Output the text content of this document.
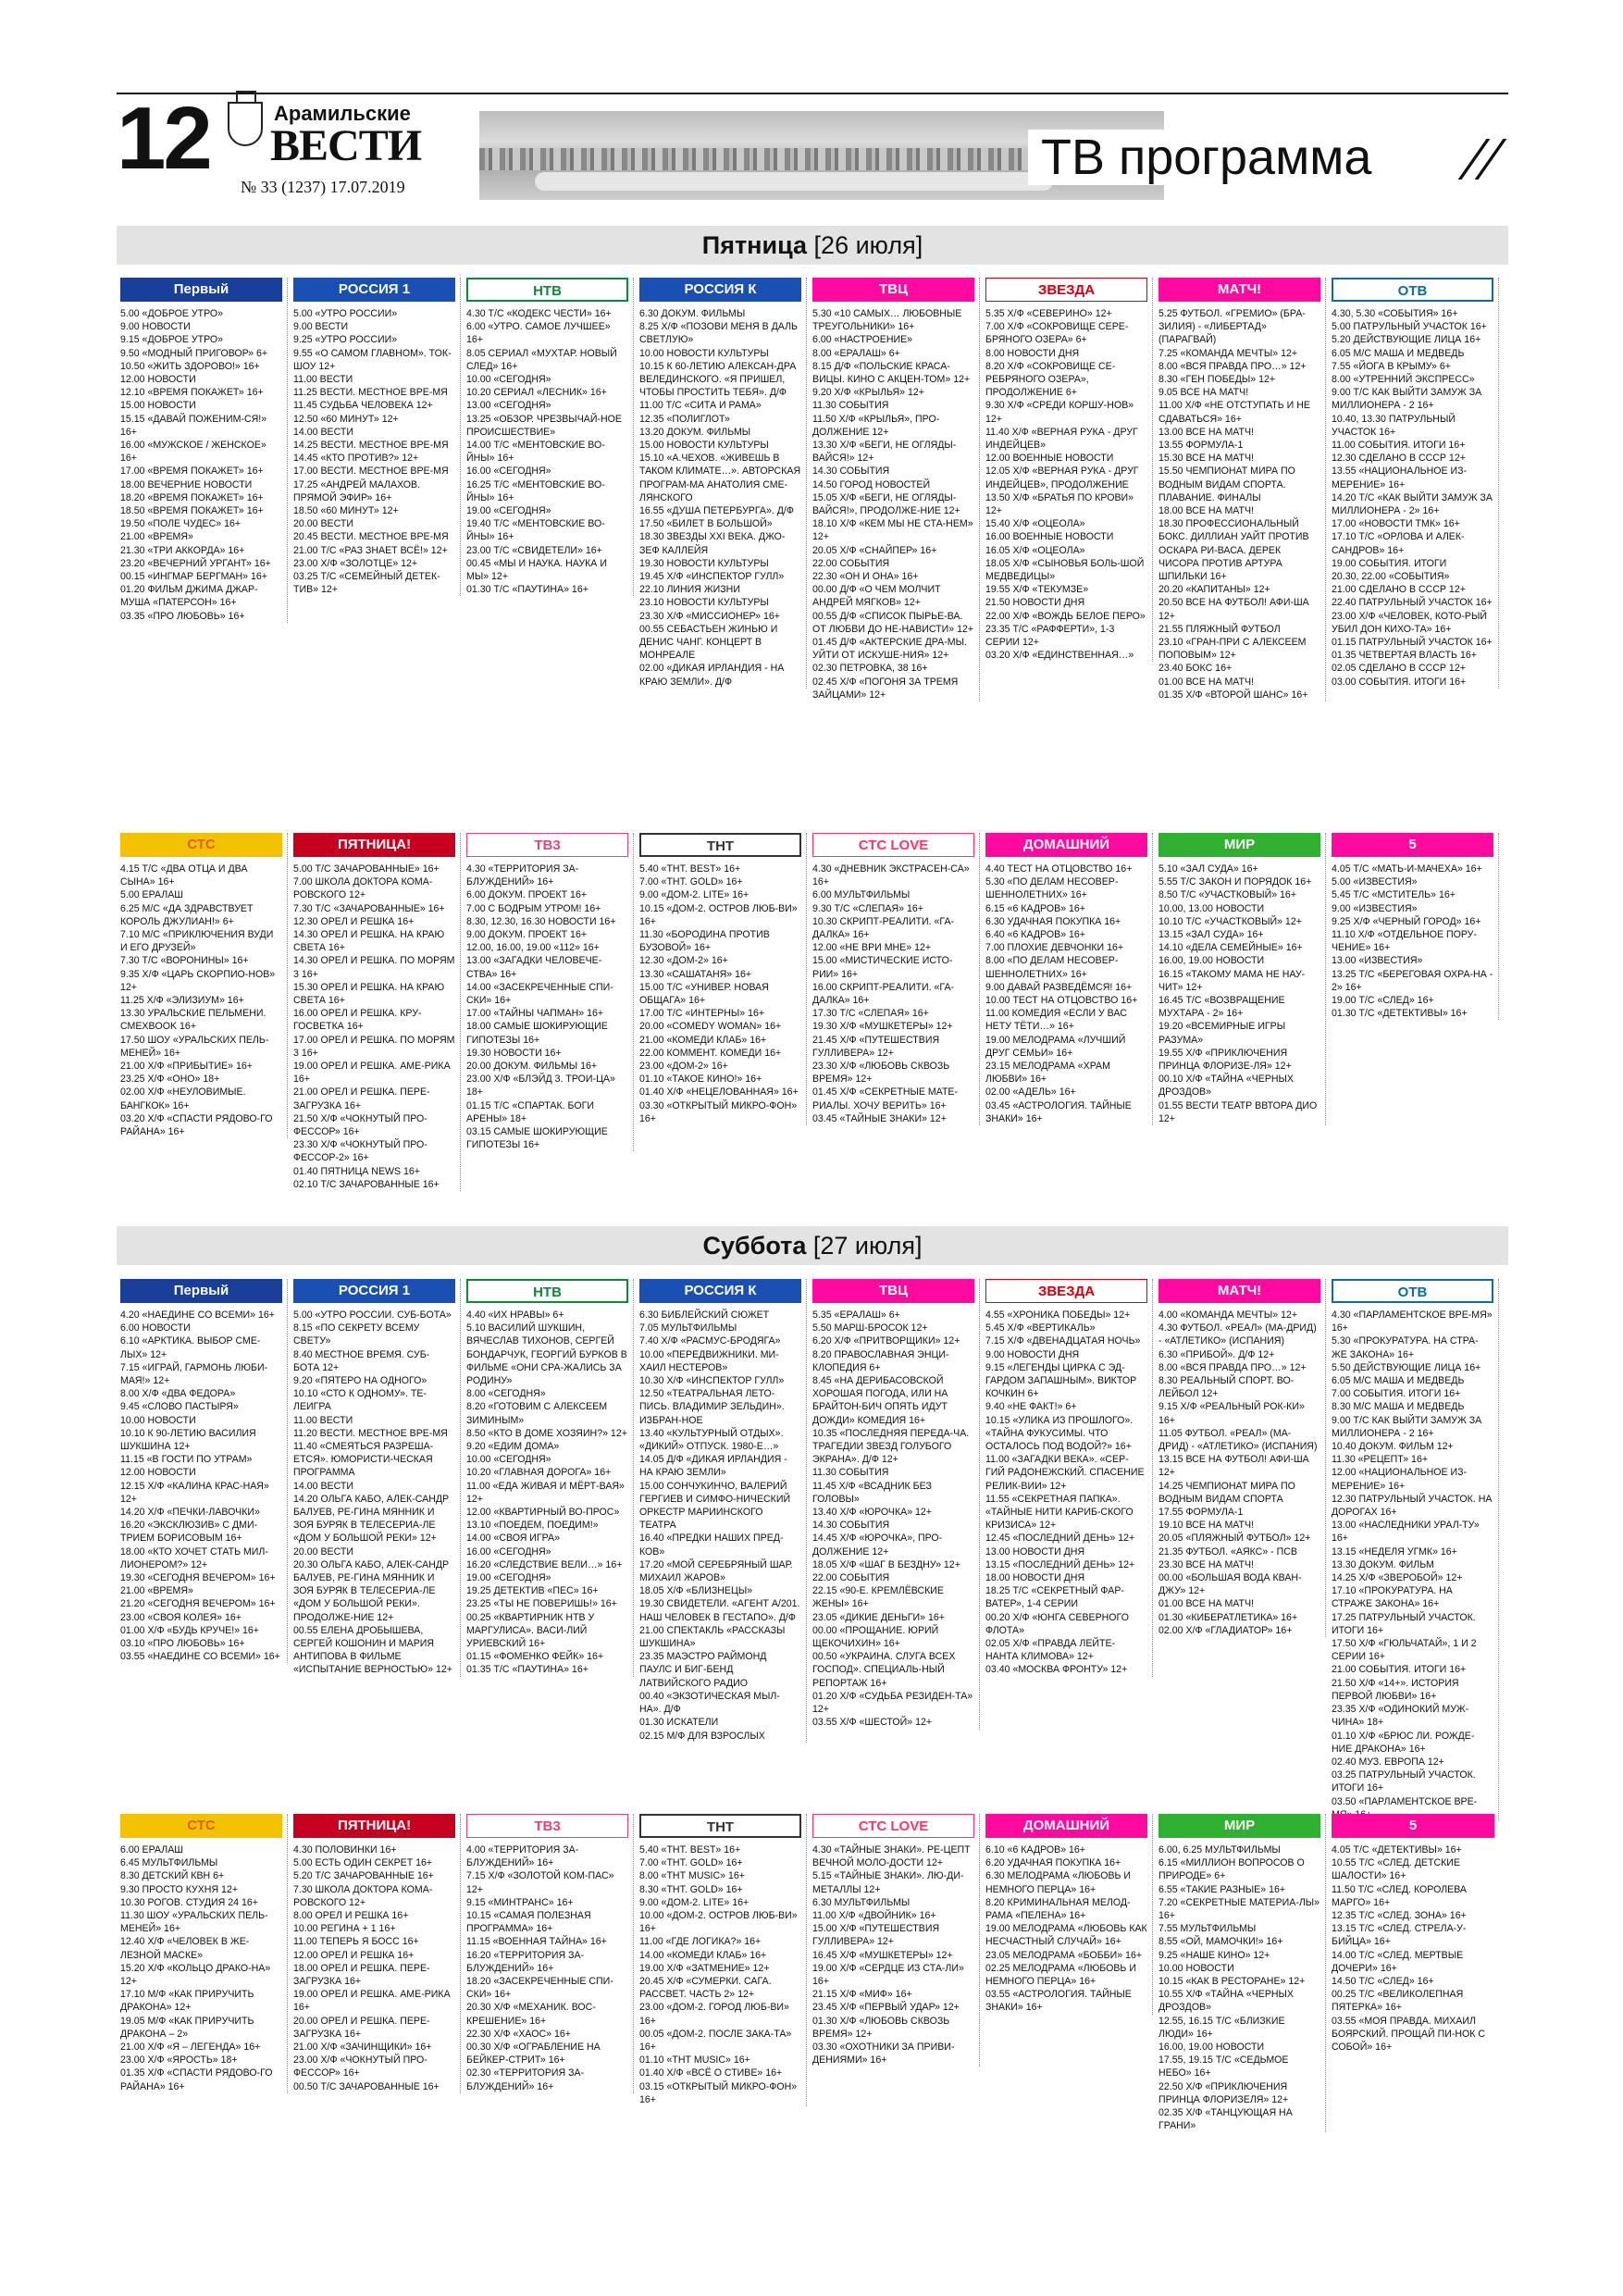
12	Арамильские
ВЕСТИ
№ 33 (1237) 17.07.2019
ТВ программа
Пятница [26 июля]
Первый
5.00 «ДОБРОЕ УТРО»
9.00 НОВОСТИ
9.15 «ДОБРОЕ УТРО»
9.50 «МОДНЫЙ ПРИГОВОР» 6+
10.50 «ЖИТЬ ЗДОРОВО!» 16+
12.00 НОВОСТИ
12.10 «ВРЕМЯ ПОКАЖЕТ» 16+
15.00 НОВОСТИ
15.15 «ДАВАЙ ПОЖЕНИМ-СЯ!» 16+
16.00 «МУЖСКОЕ / ЖЕНСКОЕ» 16+
17.00 «ВРЕМЯ ПОКАЖЕТ» 16+
18.00 ВЕЧЕРНИЕ НОВОСТИ
18.20 «ВРЕМЯ ПОКАЖЕТ» 16+
18.50 «ВРЕМЯ ПОКАЖЕТ» 16+
19.50 «ПОЛЕ ЧУДЕС» 16+
21.00 «ВРЕМЯ»
21.30 «ТРИ АККОРДА» 16+
23.20 «ВЕЧЕРНИЙ УРГАНТ» 16+
00.15 «ИНГМАР БЕРГМАН» 16+
01.20 ФИЛЬМ ДЖИМА ДЖАР-МУША «ПАТЕРСОН» 16+
03.35 «ПРО ЛЮБОВЬ» 16+
СТС
4.15 Т/С «ДВА ОТЦА И ДВА СЫНА» 16+
5.00 ЕРАЛАШ
6.25 М/С «ДА ЗДРАВСТВУЕТ КОРОЛЬ ДЖУЛИАН!» 6+
7.10 М/С «ПРИКЛЮЧЕНИЯ ВУДИ И ЕГО ДРУЗЕЙ»
7.30 Т/С «ВОРОНИНЫ» 16+
9.35 Х/Ф «ЦАРЬ СКОРПИО-НОВ» 12+
11.25 Х/Ф «ЭЛИЗИУМ» 16+
13.30 УРАЛЬСКИЕ ПЕЛЬМЕНИ. СМЕХBOOK 16+
17.50 ШОУ «УРАЛЬСКИХ ПЕЛЬ-МЕНЕЙ» 16+
21.00 Х/Ф «ПРИБЫТИЕ» 16+
23.25 Х/Ф «ОНО» 18+
02.00 Х/Ф «НЕУЛОВИМЫЕ. БАНГКОК» 16+
03.20 Х/Ф «СПАСТИ РЯДОВО-ГО РАЙАНА» 16+
РОССИЯ 1
5.00 «УТРО РОССИИ»
9.00 ВЕСТИ
9.25 «УТРО РОССИИ»
9.55 «О САМОМ ГЛАВНОМ». ТОК-ШОУ 12+
11.00 ВЕСТИ
11.25 ВЕСТИ. МЕСТНОЕ ВРЕ-МЯ
11.45 СУДЬБА ЧЕЛОВЕКА 12+
12.50 «60 МИНУТ» 12+
14.00 ВЕСТИ
14.25 ВЕСТИ. МЕСТНОЕ ВРЕ-МЯ
14.45 «КТО ПРОТИВ?» 12+
17.00 ВЕСТИ. МЕСТНОЕ ВРЕ-МЯ
17.25 «АНДРЕЙ МАЛАХОВ. ПРЯМОЙ ЭФИР» 16+
18.50 «60 МИНУТ» 12+
20.00 ВЕСТИ
20.45 ВЕСТИ. МЕСТНОЕ ВРЕ-МЯ
21.00 Т/С «РАЗ ЗНАЕТ ВСЁ!» 12+
23.00 Х/Ф «ЗОЛОТЦЕ» 12+
03.25 Т/С «СЕМЕЙНЫЙ ДЕТЕК-ТИВ» 12+
ПЯТНИЦА!
5.00 Т/С ЗАЧАРОВАННЫЕ» 16+
7.00 ШКОЛА ДОКТОРА КОМА-РОВСКОГО 12+
7.30 Т/С «ЗАЧАРОВАННЫЕ» 16+
12.30 ОРЕЛ И РЕШКА 16+
14.30 ОРЕЛ И РЕШКА. НА КРАЮ СВЕТА 16+
14.30 ОРЕЛ И РЕШКА. ПО МОРЯМ 3 16+
15.30 ОРЕЛ И РЕШКА. НА КРАЮ СВЕТА 16+
16.00 ОРЕЛ И РЕШКА. КРУ-ГОСВЕТКА 16+
17.00 ОРЕЛ И РЕШКА. ПО МОРЯМ 3 16+
19.00 ОРЕЛ И РЕШКА. АМЕ-РИКА 16+
21.00 ОРЕЛ И РЕШКА. ПЕРЕ-ЗАГРУЗКА 16+
21.50 Х/Ф «ЧОКНУТЫЙ ПРО-ФЕССОР» 16+
23.30 Х/Ф «ЧОКНУТЫЙ ПРО-ФЕССОР-2» 16+
01.40 ПЯТНИЦА NEWS 16+
02.10 Т/С ЗАЧАРОВАННЫЕ 16+
НТВ
4.30 Т/С «КОДЕКС ЧЕСТИ» 16+
6.00 «УТРО. САМОЕ ЛУЧШЕЕ» 16+
8.05 СЕРИАЛ «МУХТАР. НОВЫЙ СЛЕД» 16+
10.00 «СЕГОДНЯ»
10.20 СЕРИАЛ «ЛЕСНИК» 16+
13.00 «СЕГОДНЯ»
13.25 «ОБЗОР. ЧРЕЗВЫЧАЙ-НОЕ ПРОИСШЕСТВИЕ»
14.00 Т/С «МЕНТОВСКИЕ ВО-ЙНЫ» 16+
16.00 «СЕГОДНЯ»
16.25 Т/С «МЕНТОВСКИЕ ВО-ЙНЫ» 16+
19.00 «СЕГОДНЯ»
19.40 Т/С «МЕНТОВСКИЕ ВО-ЙНЫ» 16+
23.00 Т/С «СВИДЕТЕЛИ» 16+
00.45 «МЫ И НАУКА. НАУКА И МЫ» 12+
01.30 Т/С «ПАУТИНА» 16+
ТВ3
4.30 «ТЕРРИТОРИЯ ЗА-БЛУЖДЕНИЙ» 16+
6.00 ДОКУМ. ПРОЕКТ 16+
7.00 С БОДРЫМ УТРОМ! 16+
8.30, 12.30, 16.30 НОВОСТИ 16+
9.00 ДОКУМ. ПРОЕКТ 16+
12.00, 16.00, 19.00 «112» 16+
13.00 «ЗАГАДКИ ЧЕЛОВЕЧЕ-СТВА» 16+
14.00 «ЗАСЕКРЕЧЕННЫЕ СПИ-СКИ» 16+
17.00 «ТАЙНЫ ЧАПМАН» 16+
18.00 САМЫЕ ШОКИРУЮЩИЕ ГИПОТЕЗЫ 16+
19.30 НОВОСТИ 16+
20.00 ДОКУМ. ФИЛЬМЫ 16+
23.00 Х/Ф «БЛЭЙД 3. ТРОИ-ЦА» 18+
01.15 Т/С «СПАРТАК. БОГИ АРЕНЫ» 18+
03.15 САМЫЕ ШОКИРУЮЩИЕ ГИПОТЕЗЫ 16+
РОССИЯ К
6.30 ДОКУМ. ФИЛЬМЫ
8.25 Х/Ф «ПОЗОВИ МЕНЯ В ДАЛЬ СВЕТЛУЮ»
10.00 НОВОСТИ КУЛЬТУРЫ
10.15 К 60-ЛЕТИЮ АЛЕКСАН-ДРА ВЕЛЕДИНСКОГО. «Я ПРИШЕЛ, ЧТОБЫ ПРОСТИТЬ ТЕБЯ». Д/Ф
11.00 Т/С «СИТА И РАМА»
12.35 «ПОЛИГЛОТ»
13.20 ДОКУМ. ФИЛЬМЫ
15.00 НОВОСТИ КУЛЬТУРЫ
15.10 «А.ЧЕХОВ. «ЖИВЕШЬ В ТАКОМ КЛИМАТЕ…». АВТОРСКАЯ ПРОГРАМ-МА АНАТОЛИЯ СМЕ-ЛЯНСКОГО
16.55 «ДУША ПЕТЕРБУРГА». Д/Ф
17.50 «БИЛЕТ В БОЛЬШОЙ»
18.30 ЗВЕЗДЫ XXI ВЕКА. ДЖО-ЗЕФ КАЛЛЕЙЯ
19.30 НОВОСТИ КУЛЬТУРЫ
19.45 Х/Ф «ИНСПЕКТОР ГУЛЛ»
22.10 ЛИНИЯ ЖИЗНИ
23.10 НОВОСТИ КУЛЬТУРЫ
23.30 Х/Ф «МИССИОНЕР» 16+
00.55 СЕБАСТЬЕН ЖИНЬЮ И ДЕНИС ЧАНГ. КОНЦЕРТ В МОНРЕАЛЕ
02.00 «ДИКАЯ ИРЛАНДИЯ - НА КРАЮ ЗЕМЛИ». Д/Ф
ТНТ
5.40 «ТНТ. BEST» 16+
7.00 «ТНТ. GOLD» 16+
9.00 «ДОМ-2. LITE» 16+
10.15 «ДОМ-2. ОСТРОВ ЛЮБ-ВИ» 16+
11.30 «БОРОДИНА ПРОТИВ БУЗОВОЙ» 16+
12.30 «ДОМ-2» 16+
13.30 «САШАТАНЯ» 16+
15.00 Т/С «УНИВЕР. НОВАЯ ОБЩАГА» 16+
17.00 Т/С «ИНТЕРНЫ» 16+
20.00 «COMEDY WOMAN» 16+
21.00 «КОМЕДИ КЛАБ» 16+
22.00 КОММЕНТ. КОМЕДИ 16+
23.00 «ДОМ-2» 16+
01.10 «ТАКОЕ КИНО!» 16+
01.40 Х/Ф «НЕЦЕЛОВАННАЯ» 16+
03.30 «ОТКРЫТЫЙ МИКРО-ФОН» 16+
ТВЦ
5.30 «10 САМЫХ… ЛЮБОВНЫЕ ТРЕУГОЛЬНИКИ» 16+
6.00 «НАСТРОЕНИЕ»
8.00 «ЕРАЛАШ» 6+
8.15 Д/Ф «ПОЛЬСКИЕ КРАСА-ВИЦЫ. КИНО С АКЦЕН-ТОМ» 12+
9.20 Х/Ф «КРЫЛЬЯ» 12+
11.30 СОБЫТИЯ
11.50 Х/Ф «КРЫЛЬЯ», ПРО-ДОЛЖЕНИЕ 12+
13.30 Х/Ф «БЕГИ, НЕ ОГЛЯДЫ-ВАЙСЯ!» 12+
14.30 СОБЫТИЯ
14.50 ГОРОД НОВОСТЕЙ
15.05 Х/Ф «БЕГИ, НЕ ОГЛЯДЫ-ВАЙСЯ!», ПРОДОЛЖЕ-НИЕ 12+
18.10 Х/Ф «КЕМ МЫ НЕ СТА-НЕМ» 12+
20.05 Х/Ф «СНАЙПЕР» 16+
22.00 СОБЫТИЯ
22.30 «ОН И ОНА» 16+
00.00 Д/Ф «О ЧЕМ МОЛЧИТ АНДРЕЙ МЯГКОВ» 12+
00.55 Д/Ф «СПИСОК ПЫРЬЕ-ВА. ОТ ЛЮБВИ ДО НЕ-НАВИСТИ» 12+
01.45 Д/Ф «АКТЕРСКИЕ ДРА-МЫ. УЙТИ ОТ ИСКУШЕ-НИЯ» 12+
02.30 ПЕТРОВКА, 38 16+
02.45 Х/Ф «ПОГОНЯ ЗА ТРЕМЯ ЗАЙЦАМИ» 12+
СТС LOVE
4.30 «ДНЕВНИК ЭКСТРАСЕН-СА» 16+
6.00 МУЛЬТФИЛЬМЫ
9.30 Т/С «СЛЕПАЯ» 16+
10.30 СКРИПТ-РЕАЛИТИ. «ГА-ДАЛКА» 16+
12.00 «НЕ ВРИ МНЕ» 12+
15.00 «МИСТИЧЕСКИЕ ИСТО-РИИ» 16+
16.00 СКРИПТ-РЕАЛИТИ. «ГА-ДАЛКА» 16+
17.30 Т/С «СЛЕПАЯ» 16+
19.30 Х/Ф «МУШКЕТЕРЫ» 12+
21.45 Х/Ф «ПУТЕШЕСТВИЯ ГУЛЛИВЕРА» 12+
23.30 Х/Ф «ЛЮБОВЬ СКВОЗЬ ВРЕМЯ» 12+
01.45 Х/Ф «СЕКРЕТНЫЕ МАТЕ-РИАЛЫ. ХОЧУ ВЕРИТЬ» 16+
03.45 «ТАЙНЫЕ ЗНАКИ» 12+
ЗВЕЗДА
5.35 Х/Ф «СЕВЕРИНО» 12+
7.00 Х/Ф «СОКРОВИЩЕ СЕРЕ-БРЯНОГО ОЗЕРА» 6+
8.00 НОВОСТИ ДНЯ
8.20 Х/Ф «СОКРОВИЩЕ СЕ-РЕБРЯНОГО ОЗЕРА», ПРОДОЛЖЕНИЕ 6+
9.30 Х/Ф «СРЕДИ КОРШУ-НОВ» 12+
11.40 Х/Ф «ВЕРНАЯ РУКА - ДРУГ ИНДЕЙЦЕВ»
12.00 ВОЕННЫЕ НОВОСТИ
12.05 Х/Ф «ВЕРНАЯ РУКА - ДРУГ ИНДЕЙЦЕВ», ПРОДОЛЖЕНИЕ
13.50 Х/Ф «БРАТЬЯ ПО КРОВИ» 12+
15.40 Х/Ф «ОЦЕОЛА»
16.00 ВОЕННЫЕ НОВОСТИ
16.05 Х/Ф «ОЦЕОЛА»
18.05 Х/Ф «СЫНОВЬЯ БОЛЬ-ШОЙ МЕДВЕДИЦЫ»
19.55 Х/Ф «ТЕКУМЗЕ»
21.50 НОВОСТИ ДНЯ
22.00 Х/Ф «ВОЖДЬ БЕЛОЕ ПЕРО»
23.35 Т/С «РАФФЕРТИ», 1-3 СЕРИИ 12+
03.20 Х/Ф «ЕДИНСТВЕННАЯ…»
ДОМАШНИЙ
4.40 ТЕСТ НА ОТЦОВСТВО 16+
5.30 «ПО ДЕЛАМ НЕСОВЕР-ШЕННОЛЕТНИХ» 16+
6.15 «6 КАДРОВ» 16+
6.30 УДАЧНАЯ ПОКУПКА 16+
6.40 «6 КАДРОВ» 16+
7.00 ПЛОХИЕ ДЕВЧОНКИ 16+
8.00 «ПО ДЕЛАМ НЕСОВЕР-ШЕННОЛЕТНИХ» 16+
9.00 ДАВАЙ РАЗВЕДЁМСЯ! 16+
10.00 ТЕСТ НА ОТЦОВСТВО 16+
11.00 КОМЕДИЯ «ЕСЛИ У ВАС НЕТУ ТЁТИ…» 16+
19.00 МЕЛОДРАМА «ЛУЧШИЙ ДРУГ СЕМЬИ» 16+
23.15 МЕЛОДРАМА «ХРАМ ЛЮБВИ» 16+
02.00 «АДЕЛЬ» 16+
03.45 «АСТРОЛОГИЯ. ТАЙНЫЕ ЗНАКИ» 16+
МАТЧ!
5.25 ФУТБОЛ. «ГРЕМИО» (БРА-ЗИЛИЯ) - «ЛИБЕРТАД» (ПАРАГВАЙ)
7.25 «КОМАНДА МЕЧТЫ» 12+
8.00 «ВСЯ ПРАВДА ПРО…» 12+
8.30 «ГЕН ПОБЕДЫ» 12+
9.05 ВСЕ НА МАТЧ!
11.00 Х/Ф «НЕ ОТСТУПАТЬ И НЕ СДАВАТЬСЯ» 16+
13.00 ВСЕ НА МАТЧ!
13.55 ФОРМУЛА-1
15.30 ВСЕ НА МАТЧ!
15.50 ЧЕМПИОНАТ МИРА ПО ВОДНЫМ ВИДАМ СПОРТА. ПЛАВАНИЕ. ФИНАЛЫ
18.00 ВСЕ НА МАТЧ!
18.30 ПРОФЕССИОНАЛЬНЫЙ БОКС. ДИЛЛИАН УАЙТ ПРОТИВ ОСКАРА РИ-ВАСА. ДЕРЕК ЧИСОРА ПРОТИВ АРТУРА ШПИЛЬКИ 16+
20.20 «КАПИТАНЫ» 12+
20.50 ВСЕ НА ФУТБОЛ! АФИ-ША 12+
21.55 ПЛЯЖНЫЙ ФУТБОЛ
23.10 «ГРАН-ПРИ С АЛЕКСЕЕМ ПОПОВЫМ» 12+
23.40 БОКС 16+
01.00 ВСЕ НА МАТЧ!
01.35 Х/Ф «ВТОРОЙ ШАНС» 16+
МИР
5.10 «ЗАЛ СУДА» 16+
5.55 Т/С ЗАКОН И ПОРЯДОК 16+
8.50 Т/С «УЧАСТКОВЫЙ» 16+
10.00, 13.00 НОВОСТИ
10.10 Т/С «УЧАСТКОВЫЙ» 12+
13.15 «ЗАЛ СУДА» 16+
14.10 «ДЕЛА СЕМЕЙНЫЕ» 16+
16.00, 19.00 НОВОСТИ
16.15 «ТАКОМУ МАМА НЕ НАУ-ЧИТ» 12+
16.45 Т/С «ВОЗВРАЩЕНИЕ МУХТАРА - 2» 16+
19.20 «ВСЕМИРНЫЕ ИГРЫ РАЗУМА»
19.55 Х/Ф «ПРИКЛЮЧЕНИЯ ПРИНЦА ФЛОРИЗЕ-ЛЯ» 12+
00.10 Х/Ф «ТАЙНА «ЧЕРНЫХ ДРОЗДОВ»
01.55 ВЕСТИ ТЕАТР ВВТОРА ДИО 12+
ОТВ
4.30, 5.30 «СОБЫТИЯ» 16+
5.00 ПАТРУЛЬНЫЙ УЧАСТОК 16+
5.20 ДЕЙСТВУЮЩИЕ ЛИЦА 16+
6.05 М/С МАША И МЕДВЕДЬ
7.55 «ЙОГА В КРЫМУ» 6+
8.00 «УТРЕННИЙ ЭКСПРЕСС»
9.00 Т/С КАК ВЫЙТИ ЗАМУЖ ЗА МИЛЛИОНЕРА - 2 16+
10.40, 13.30 ПАТРУЛЬНЫЙ УЧАСТОК 16+
11.00 СОБЫТИЯ. ИТОГИ 16+
12.30 СДЕЛАНО В СССР 12+
13.55 «НАЦИОНАЛЬНОЕ ИЗ-МЕРЕНИЕ» 16+
14.20 Т/С «КАК ВЫЙТИ ЗАМУЖ ЗА МИЛЛИОНЕРА - 2» 16+
17.00 «НОВОСТИ ТМК» 16+
17.10 Т/С «ОРЛОВА И АЛЕК-САНДРОВ» 16+
19.00 СОБЫТИЯ. ИТОГИ
20.30, 22.00 «СОБЫТИЯ»
21.00 СДЕЛАНО В СССР 12+
22.40 ПАТРУЛЬНЫЙ УЧАСТОК 16+
23.00 Х/Ф «ЧЕЛОВЕК, КОТО-РЫЙ УБИЛ ДОН КИХО-ТА» 16+
01.15 ПАТРУЛЬНЫЙ УЧАСТОК 16+
01.35 ЧЕТВЕРТАЯ ВЛАСТЬ 16+
02.05 СДЕЛАНО В СССР 12+
03.00 СОБЫТИЯ. ИТОГИ 16+
5
4.05 Т/С «МАТЬ-И-МАЧЕХА» 16+
5.00 «ИЗВЕСТИЯ»
5.45 Т/С «МСТИТЕЛЬ» 16+
9.00 «ИЗВЕСТИЯ»
9.25 Х/Ф «ЧЕРНЫЙ ГОРОД» 16+
11.10 Х/Ф «ОТДЕЛЬНОЕ ПОРУ-ЧЕНИЕ» 16+
13.00 «ИЗВЕСТИЯ»
13.25 Т/С «БЕРЕГОВАЯ ОХРА-НА - 2» 16+
19.00 Т/С «СЛЕД» 16+
01.30 Т/С «ДЕТЕКТИВЫ» 16+
Суббота [27 июля]
Первый
4.20 «НАЕДИНЕ СО ВСЕМИ» 16+
6.00 НОВОСТИ
6.10 «АРКТИКА. ВЫБОР СМЕ-ЛЫХ» 12+
7.15 «ИГРАЙ, ГАРМОНЬ ЛЮБИ-МАЯ!» 12+
8.00 Х/Ф «ДВА ФЕДОРА»
9.45 «СЛОВО ПАСТЫРЯ»
10.00 НОВОСТИ
10.10 К 90-ЛЕТИЮ ВАСИЛИЯ ШУКШИНА 12+
11.15 «В ГОСТИ ПО УТРАМ»
12.00 НОВОСТИ
12.15 Х/Ф «КАЛИНА КРАС-НАЯ» 12+
14.20 Х/Ф «ПЕЧКИ-ЛАВОЧКИ»
16.20 «ЭКСКЛЮЗИВ» С ДМИ-ТРИЕМ БОРИСОВЫМ 16+
18.00 «КТО ХОЧЕТ СТАТЬ МИЛ-ЛИОНЕРОМ?» 12+
19.30 «СЕГОДНЯ ВЕЧЕРОМ» 16+
21.00 «ВРЕМЯ»
21.20 «СЕГОДНЯ ВЕЧЕРОМ» 16+
23.00 «СВОЯ КОЛЕЯ» 16+
01.00 Х/Ф «БУДЬ КРУЧЕ!» 16+
03.10 «ПРО ЛЮБОВЬ» 16+
03.55 «НАЕДИНЕ СО ВСЕМИ» 16+
СТС
6.00 ЕРАЛАШ
6.45 МУЛЬТФИЛЬМЫ
8.30 ДЕТСКИЙ КВН 6+
9.30 ПРОСТО КУХНЯ 12+
10.30 РОГОВ. СТУДИЯ 24 16+
11.30 ШОУ «УРАЛЬСКИХ ПЕЛЬ-МЕНЕЙ» 16+
12.40 Х/Ф «ЧЕЛОВЕК В ЖЕ-ЛЕЗНОЙ МАСКЕ»
15.20 Х/Ф «КОЛЬЦО ДРАКО-НА» 12+
17.10 М/Ф «КАК ПРИРУЧИТЬ ДРАКОНА» 12+
19.05 М/Ф «КАК ПРИРУЧИТЬ ДРАКОНА – 2»
21.00 Х/Ф «Я – ЛЕГЕНДА» 16+
23.00 Х/Ф «ЯРОСТЬ» 18+
01.35 Х/Ф «СПАСТИ РЯДОВО-ГО РАЙАНА» 16+
РОССИЯ 1
5.00 «УТРО РОССИИ. СУБ-БОТА»
8.15 «ПО СЕКРЕТУ ВСЕМУ СВЕТУ»
8.40 МЕСТНОЕ ВРЕМЯ. СУБ-БОТА 12+
9.20 «ПЯТЕРО НА ОДНОГО»
10.10 «СТО К ОДНОМУ». ТЕ-ЛЕИГРА
11.00 ВЕСТИ
11.20 ВЕСТИ. МЕСТНОЕ ВРЕ-МЯ
11.40 «СМЕЯТЬСЯ РАЗРЕША-ЕТСЯ». ЮМОРИСТИ-ЧЕСКАЯ ПРОГРАММА
14.00 ВЕСТИ
14.20 ОЛЬГА КАБО, АЛЕК-САНДР БАЛУЕВ, РЕ-ГИНА МЯННИК И ЗОЯ БУРЯК В ТЕЛЕСЕРИА-ЛЕ «ДОМ У БОЛЬШОЙ РЕКИ» 12+
20.00 ВЕСТИ
20.30 ОЛЬГА КАБО, АЛЕК-САНДР БАЛУЕВ, РЕ-ГИНА МЯННИК И ЗОЯ БУРЯК В ТЕЛЕСЕРИА-ЛЕ «ДОМ У БОЛЬШОЙ РЕКИ». ПРОДОЛЖЕ-НИЕ 12+
00.55 ЕЛЕНА ДРОБЫШЕВА, СЕРГЕЙ КОШОНИН И МАРИЯ АНТИПОВА В ФИЛЬМЕ «ИСПЫТАНИЕ ВЕРНОСТЬЮ» 12+
ПЯТНИЦА!
4.30 ПОЛОВИНКИ 16+
5.00 ЕСТЬ ОДИН СЕКРЕТ 16+
5.20 Т/С ЗАЧАРОВАННЫЕ 16+
7.30 ШКОЛА ДОКТОРА КОМА-РОВСКОГО 12+
8.00 ОРЕЛ И РЕШКА 16+
10.00 РЕГИНА + 1 16+
11.00 ТЕПЕРЬ Я БОСС 16+
12.00 ОРЕЛ И РЕШКА 16+
18.00 ОРЕЛ И РЕШКА. ПЕРЕ-ЗАГРУЗКА 16+
19.00 ОРЕЛ И РЕШКА. АМЕ-РИКА 16+
20.00 ОРЕЛ И РЕШКА. ПЕРЕ-ЗАГРУЗКА 16+
21.00 Х/Ф «ЗАЧИНЩИКИ» 16+
23.00 Х/Ф «ЧОКНУТЫЙ ПРО-ФЕССОР» 16+
00.50 Т/С ЗАЧАРОВАННЫЕ 16+
НТВ
4.40 «ИХ НРАВЫ» 6+
5.10 ВАСИЛИЙ ШУКШИН, ВЯЧЕСЛАВ ТИХОНОВ, СЕРГЕЙ БОНДАРЧУК, ГЕОРГИЙ БУРКОВ В ФИЛЬМЕ «ОНИ СРА-ЖАЛИСЬ ЗА РОДИНУ»
8.00 «СЕГОДНЯ»
8.20 «ГОТОВИМ С АЛЕКСЕЕМ ЗИМИНЫМ»
8.50 «КТО В ДОМЕ ХОЗЯИН?» 12+
9.20 «ЕДИМ ДОМА»
10.00 «СЕГОДНЯ»
10.20 «ГЛАВНАЯ ДОРОГА» 16+
11.00 «ЕДА ЖИВАЯ И МЁРТ-ВАЯ» 12+
12.00 «КВАРТИРНЫЙ ВО-ПРОС»
13.10 «ПОЕДЕМ, ПОЕДИМ!»
14.00 «СВОЯ ИГРА»
16.00 «СЕГОДНЯ»
16.20 «СЛЕДСТВИЕ ВЕЛИ…» 16+
19.00 «СЕГОДНЯ»
19.25 ДЕТЕКТИВ «ПЕС» 16+
23.25 «ТЫ НЕ ПОВЕРИШЬ!» 16+
00.25 «КВАРТИРНИК НТВ У МАРГУЛИСА». ВАСИ-ЛИЙ УРИЕВСКИЙ 16+
01.15 «ФОМЕНКО ФЕЙК» 16+
01.35 Т/С «ПАУТИНА» 16+
ТВ3
4.00 «ТЕРРИТОРИЯ ЗА-БЛУЖДЕНИЙ» 16+
7.15 Х/Ф «ЗОЛОТОЙ КОМ-ПАС» 12+
9.15 «МИНТРАНС» 16+
10.15 «САМАЯ ПОЛЕЗНАЯ ПРОГРАММА» 16+
11.15 «ВОЕННАЯ ТАЙНА» 16+
16.20 «ТЕРРИТОРИЯ ЗА-БЛУЖДЕНИЙ» 16+
18.20 «ЗАСЕКРЕЧЕННЫЕ СПИ-СКИ» 16+
20.30 Х/Ф «МЕХАНИК. ВОС-КРЕШЕНИЕ» 16+
22.30 Х/Ф «ХАОС» 16+
00.30 Х/Ф «ОГРАБЛЕНИЕ НА БЕЙКЕР-СТРИТ» 16+
02.30 «ТЕРРИТОРИЯ ЗА-БЛУЖДЕНИЙ» 16+
РОССИЯ К
6.30 БИБЛЕЙСКИЙ СЮЖЕТ
7.05 МУЛЬТФИЛЬМЫ
7.40 Х/Ф «РАСМУС-БРОДЯГА»
10.00 «ПЕРЕДВИЖНИКИ. МИ-ХАИЛ НЕСТЕРОВ»
10.30 Х/Ф «ИНСПЕКТОР ГУЛЛ»
12.50 «ТЕАТРАЛЬНАЯ ЛЕТО-ПИСЬ. ВЛАДИМИР ЗЕЛЬДИН». ИЗБРАН-НОЕ
13.40 «КУЛЬТУРНЫЙ ОТДЫХ». «ДИКИЙ» ОТПУСК. 1980-Е…»
14.05 Д/Ф «ДИКАЯ ИРЛАНДИЯ - НА КРАЮ ЗЕМЛИ»
15.00 СОНЧУКИНЧО, ВАЛЕРИЙ ГЕРГИЕВ И СИМФО-НИЧЕСКИЙ ОРКЕСТР МАРИИНСКОГО ТЕАТРА
16.40 «ПРЕДКИ НАШИХ ПРЕД-КОВ»
17.20 «МОЙ СЕРЕБРЯНЫЙ ШАР. МИХАИЛ ЖАРОВ»
18.05 Х/Ф «БЛИЗНЕЦЫ»
19.30 СВИДЕТЕЛИ. «АГЕНТ А/201. НАШ ЧЕЛОВЕК В ГЕСТАПО». Д/Ф
21.00 СПЕКТАКЛЬ «РАССКАЗЫ ШУКШИНА»
23.35 МАЭСТРО РАЙМОНД ПАУЛС И БИГ-БЕНД ЛАТВИЙСКОГО РАДИО
00.40 «ЭКЗОТИЧЕСКАЯ МЫЛ-НА». Д/Ф
01.30 ИСКАТЕЛИ
02.15 М/Ф ДЛЯ ВЗРОСЛЫХ
ТНТ
5.40 «ТНТ. BEST» 16+
7.00 «ТНТ. GOLD» 16+
8.00 «ТНТ MUSIC» 16+
8.30 «ТНТ. GOLD» 16+
9.00 «ДОМ-2. LITE» 16+
10.00 «ДОМ-2. ОСТРОВ ЛЮБ-ВИ» 16+
11.00 «ГДЕ ЛОГИКА?» 16+
14.00 «КОМЕДИ КЛАБ» 16+
19.00 Х/Ф «ЗАТМЕНИЕ» 12+
20.45 Х/Ф «СУМЕРКИ. САГА. РАССВЕТ. ЧАСТЬ 2» 12+
23.00 «ДОМ-2. ГОРОД ЛЮБ-ВИ» 16+
00.05 «ДОМ-2. ПОСЛЕ ЗАКА-ТА» 16+
01.10 «ТНТ MUSIC» 16+
01.40 Х/Ф «ВСЁ О СТИВЕ» 16+
03.15 «ОТКРЫТЫЙ МИКРО-ФОН» 16+
ТВЦ
5.35 «ЕРАЛАШ» 6+
5.50 МАРШ-БРОСОК 12+
6.20 Х/Ф «ПРИТВОРЩИКИ» 12+
8.20 ПРАВОСЛАВНАЯ ЭНЦИ-КЛОПЕДИЯ 6+
8.45 «НА ДЕРИБАСОВСКОЙ ХОРОШАЯ ПОГОДА, ИЛИ НА БРАЙТОН-БИЧ ОПЯТЬ ИДУТ ДОЖДИ» КОМЕДИЯ 16+
10.35 «ПОСЛЕДНЯЯ ПЕРЕДА-ЧА. ТРАГЕДИИ ЗВЕЗД ГОЛУБОГО ЭКРАНА». Д/Ф 12+
11.30 СОБЫТИЯ
11.45 Х/Ф «ВСАДНИК БЕЗ ГОЛОВЫ»
13.40 Х/Ф «ЮРОЧКА» 12+
14.30 СОБЫТИЯ
14.45 Х/Ф «ЮРОЧКА», ПРО-ДОЛЖЕНИЕ 12+
18.05 Х/Ф «ШАГ В БЕЗДНУ» 12+
22.00 СОБЫТИЯ
22.15 «90-Е. КРЕМЛЁВСКИЕ ЖЕНЫ» 16+
23.05 «ДИКИЕ ДЕНЬГИ» 16+
00.00 «ПРОЩАНИЕ. ЮРИЙ ЩЕКОЧИХИН» 16+
00.50 «УКРАИНА. СЛУГА ВСЕХ ГОСПОД». СПЕЦИАЛЬ-НЫЙ РЕПОРТАЖ 16+
01.20 Х/Ф «СУДЬБА РЕЗИДЕН-ТА» 12+
03.55 Х/Ф «ШЕСТОЙ» 12+
СТС LOVE
4.30 «ТАЙНЫЕ ЗНАКИ». РЕ-ЦЕПТ ВЕЧНОЙ МОЛО-ДОСТИ 12+
5.15 «ТАЙНЫЕ ЗНАКИ». ЛЮ-ДИ-МЕТАЛЛЫ 12+
6.30 МУЛЬТФИЛЬМЫ
11.00 Х/Ф «ДВОЙНИК» 16+
15.00 Х/Ф «ПУТЕШЕСТВИЯ ГУЛЛИВЕРА» 12+
16.45 Х/Ф «МУШКЕТЕРЫ» 12+
19.00 Х/Ф «СЕРДЦЕ ИЗ СТА-ЛИ» 16+
21.15 Х/Ф «МИФ» 16+
23.45 Х/Ф «ПЕРВЫЙ УДАР» 12+
01.30 Х/Ф «ЛЮБОВЬ СКВОЗЬ ВРЕМЯ» 12+
03.30 «ОХОТНИКИ ЗА ПРИВИ-ДЕНИЯМИ» 16+
ЗВЕЗДА
4.55 «ХРОНИКА ПОБЕДЫ» 12+
5.45 Х/Ф «ВЕРТИКАЛЬ»
7.15 Х/Ф «ДВЕНАДЦАТАЯ НОЧЬ»
9.00 НОВОСТИ ДНЯ
9.15 «ЛЕГЕНДЫ ЦИРКА С ЭД-ГАРДОМ ЗАПАШНЫМ». ВИКТОР КОЧКИН 6+
9.40 «НЕ ФАКТ!» 6+
10.15 «УЛИКА ИЗ ПРОШЛОГО». «ТАЙНА ФУКУСИМЫ. ЧТО ОСТАЛОСЬ ПОД ВОДОЙ?» 16+
11.00 «ЗАГАДКИ ВЕКА». «СЕР-ГИЙ РАДОНЕЖСКИЙ. СПАСЕНИЕ РЕЛИК-ВИИ» 12+
11.55 «СЕКРЕТНАЯ ПАПКА». «ТАЙНЫЕ НИТИ КАРИБ-СКОГО КРИЗИСА» 12+
12.45 «ПОСЛЕДНИЙ ДЕНЬ» 12+
13.00 НОВОСТИ ДНЯ
13.15 «ПОСЛЕДНИЙ ДЕНЬ» 12+
18.00 НОВОСТИ ДНЯ
18.25 Т/С «СЕКРЕТНЫЙ ФАР-ВАТЕР», 1-4 СЕРИИ
00.20 Х/Ф «ЮНГА СЕВЕРНОГО ФЛОТА»
02.05 Х/Ф «ПРАВДА ЛЕЙТЕ-НАНТА КЛИМОВА» 12+
03.40 «МОСКВА ФРОНТУ» 12+
ДОМАШНИЙ
6.10 «6 КАДРОВ» 16+
6.20 УДАЧНАЯ ПОКУПКА 16+
6.30 МЕЛОДРАМА «ЛЮБОВЬ И НЕМНОГО ПЕРЦА» 16+
8.20 КРИМИНАЛЬНАЯ МЕЛОД-РАМА «ПЕЛЕНА» 16+
19.00 МЕЛОДРАМА «ЛЮБОВЬ КАК НЕСЧАСТНЫЙ СЛУЧАЙ» 16+
23.05 МЕЛОДРАМА «БОББИ» 16+
02.25 МЕЛОДРАМА «ЛЮБОВЬ И НЕМНОГО ПЕРЦА» 16+
03.55 «АСТРОЛОГИЯ. ТАЙНЫЕ ЗНАКИ» 16+
МАТЧ!
4.00 «КОМАНДА МЕЧТЫ» 12+
4.30 ФУТБОЛ. «РЕАЛ» (МА-ДРИД) - «АТЛЕТИКО» (ИСПАНИЯ)
6.30 «ПРИБОЙ». Д/Ф 12+
8.00 «ВСЯ ПРАВДА ПРО…» 12+
8.30 РЕАЛЬНЫЙ СПОРТ. ВО-ЛЕЙБОЛ 12+
9.15 Х/Ф «РЕАЛЬНЫЙ РОК-КИ» 16+
11.05 ФУТБОЛ. «РЕАЛ» (МА-ДРИД) - «АТЛЕТИКО» (ИСПАНИЯ)
13.15 ВСЕ НА ФУТБОЛ! АФИ-ША 12+
14.25 ЧЕМПИОНАТ МИРА ПО ВОДНЫМ ВИДАМ СПОРТА
17.55 ФОРМУЛА-1
19.10 ВСЕ НА МАТЧ!
20.05 «ПЛЯЖНЫЙ ФУТБОЛ» 12+
21.35 ФУТБОЛ. «АЯКС» - ПСВ
23.30 ВСЕ НА МАТЧ!
00.00 «БОЛЬШАЯ ВОДА КВАН-ДЖУ» 12+
01.00 ВСЕ НА МАТЧ!
01.30 «КИБЕРАТЛЕТИКА» 16+
02.00 Х/Ф «ГЛАДИАТОР» 16+
МИР
6.00, 6.25 МУЛЬТФИЛЬМЫ
6.15 «МИЛЛИОН ВОПРОСОВ О ПРИРОДЕ» 6+
6.55 «ТАКИЕ РАЗНЫЕ» 16+
7.20 «СЕКРЕТНЫЕ МАТЕРИА-ЛЫ» 16+
7.55 МУЛЬТФИЛЬМЫ
8.55 «ОЙ, МАМОЧКИ!» 16+
9.25 «НАШЕ КИНО» 12+
10.00 НОВОСТИ
10.15 «КАК В РЕСТОРАНЕ» 12+
10.55 Х/Ф «ТАЙНА «ЧЕРНЫХ ДРОЗДОВ»
12.55, 16.15 Т/С «БЛИЗКИЕ ЛЮДИ» 16+
16.00, 19.00 НОВОСТИ
17.55, 19.15 Т/С «СЕДЬМОЕ НЕБО» 16+
22.50 Х/Ф «ПРИКЛЮЧЕНИЯ ПРИНЦА ФЛОРИЗЕЛЯ» 12+
02.35 Х/Ф «ТАНЦУЮЩАЯ НА ГРАНИ»
ОТВ
4.30 «ПАРЛАМЕНТСКОЕ ВРЕ-МЯ» 16+
5.30 «ПРОКУРАТУРА. НА СТРА-ЖЕ ЗАКОНА» 16+
5.50 ДЕЙСТВУЮЩИЕ ЛИЦА 16+
6.05 М/С МАША И МЕДВЕДЬ
7.00 СОБЫТИЯ. ИТОГИ 16+
8.30 М/С МАША И МЕДВЕДЬ
9.00 Т/С КАК ВЫЙТИ ЗАМУЖ ЗА МИЛЛИОНЕРА - 2 16+
10.40 ДОКУМ. ФИЛЬМ 12+
11.30 «РЕЦЕПТ» 16+
12.00 «НАЦИОНАЛЬНОЕ ИЗ-МЕРЕНИЕ» 16+
12.30 ПАТРУЛЬНЫЙ УЧАСТОК. НА ДОРОГАХ 16+
13.00 «НАСЛЕДНИКИ УРАЛ-ТУ» 16+
13.15 «НЕДЕЛЯ УГМК» 16+
13.30 ДОКУМ. ФИЛЬМ
14.25 Х/Ф «ЗВЕРОБОЙ» 12+
17.10 «ПРОКУРАТУРА. НА СТРАЖЕ ЗАКОНА» 16+
17.25 ПАТРУЛЬНЫЙ УЧАСТОК. ИТОГИ 16+
17.50 Х/Ф «ГЮЛЬЧАТАЙ», 1 И 2 СЕРИИ 16+
21.00 СОБЫТИЯ. ИТОГИ 16+
21.50 Х/Ф «14+». ИСТОРИЯ ПЕРВОЙ ЛЮБВИ» 16+
23.35 Х/Ф «ОДИНОКИЙ МУЖ-ЧИНА» 18+
01.10 Х/Ф «БРЮС ЛИ. РОЖДЕ-НИЕ ДРАКОНА» 16+
02.40 МУЗ. ЕВРОПА 12+
03.25 ПАТРУЛЬНЫЙ УЧАСТОК. ИТОГИ 16+
03.50 «ПАРЛАМЕНТСКОЕ ВРЕ-
5
4.05 Т/С «ДЕТЕКТИВЫ» 16+
10.55 Т/С «СЛЕД. ДЕТСКИЕ ШАЛОСТИ» 16+
11.50 Т/С «СЛЕД. КОРОЛЕВА МАРГО» 16+
12.35 Т/С «СЛЕД. ЗОНА» 16+
13.15 Т/С «СЛЕД. СТРЕЛА-У-БИЙЦА» 16+
14.00 Т/С «СЛЕД. МЕРТВЫЕ ДОЧЕРИ» 16+
14.50 Т/С «СЛЕД» 16+
00.25 Т/С «ВЕЛИКОЛЕПНАЯ ПЯТЕРКА» 16+
03.55 «МОЯ ПРАВДА. МИХАИЛ БОЯРСКИЙ. ПРОЩАЙ ПИ-НОК С СОБОЙ» 16+
